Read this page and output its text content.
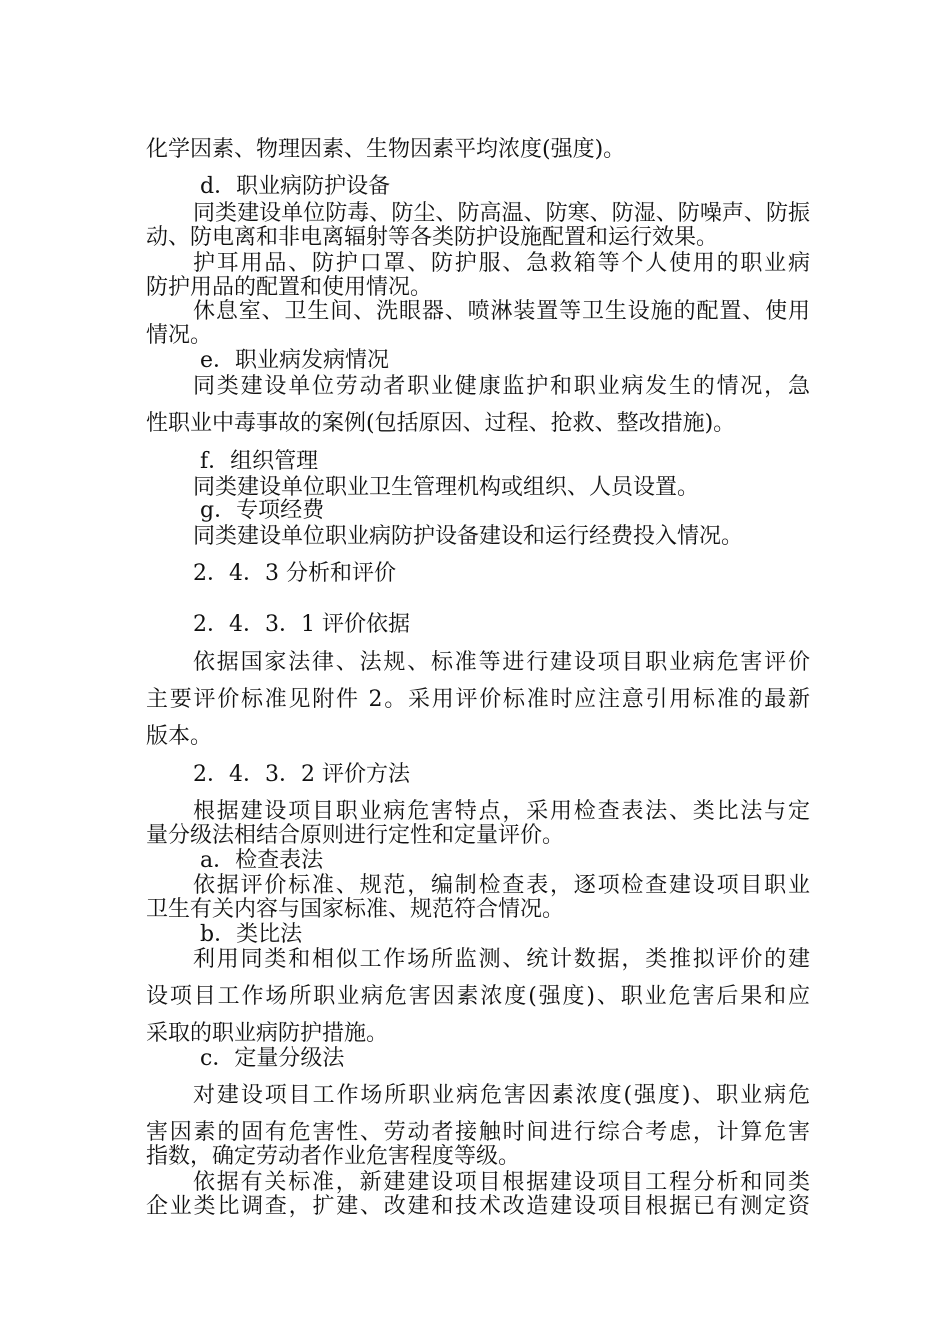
化学因素、物理因素、生物因素平均浓度(强度)。

d．职业病防护设备

同类建设单位防毒、防尘、防高温、防寒、防湿、防噪声、防振

动、防电离和非电离辐射等各类防护设施配置和运行效果。

护耳用品、防护口罩、防护服、急救箱等个人使用的职业病

防护用品的配置和使用情况。

休息室、卫生间、洗眼器、喷淋装置等卫生设施的配置、使用

情况。

e．职业病发病情况

同类建设单位劳动者职业健康监护和职业病发生的情况，急

性职业中毒事故的案例(包括原因、过程、抢救、整改措施)。

f．组织管理

同类建设单位职业卫生管理机构或组织、人员设置。

g．专项经费

同类建设单位职业病防护设备建设和运行经费投入情况。

2．4．3 分析和评价

2．4．3．1 评价依据

依据国家法律、法规、标准等进行建设项目职业病危害评价

主要评价标准见附件 2。采用评价标准时应注意引用标准的最新

版本。

2．4．3．2 评价方法

根据建设项目职业病危害特点，采用检查表法、类比法与定

量分级法相结合原则进行定性和定量评价。

a．检查表法

依据评价标准、规范，编制检查表，逐项检查建设项目职业

卫生有关内容与国家标准、规范符合情况。

b．类比法

利用同类和相似工作场所监测、统计数据，类推拟评价的建

设项目工作场所职业病危害因素浓度(强度)、职业危害后果和应

采取的职业病防护措施。

c．定量分级法

对建设项目工作场所职业病危害因素浓度(强度)、职业病危

害因素的固有危害性、劳动者接触时间进行综合考虑，计算危害

指数，确定劳动者作业危害程度等级。

依据有关标准，新建建设项目根据建设项目工程分析和同类

企业类比调查，扩建、改建和技术改造建设项目根据已有测定资
